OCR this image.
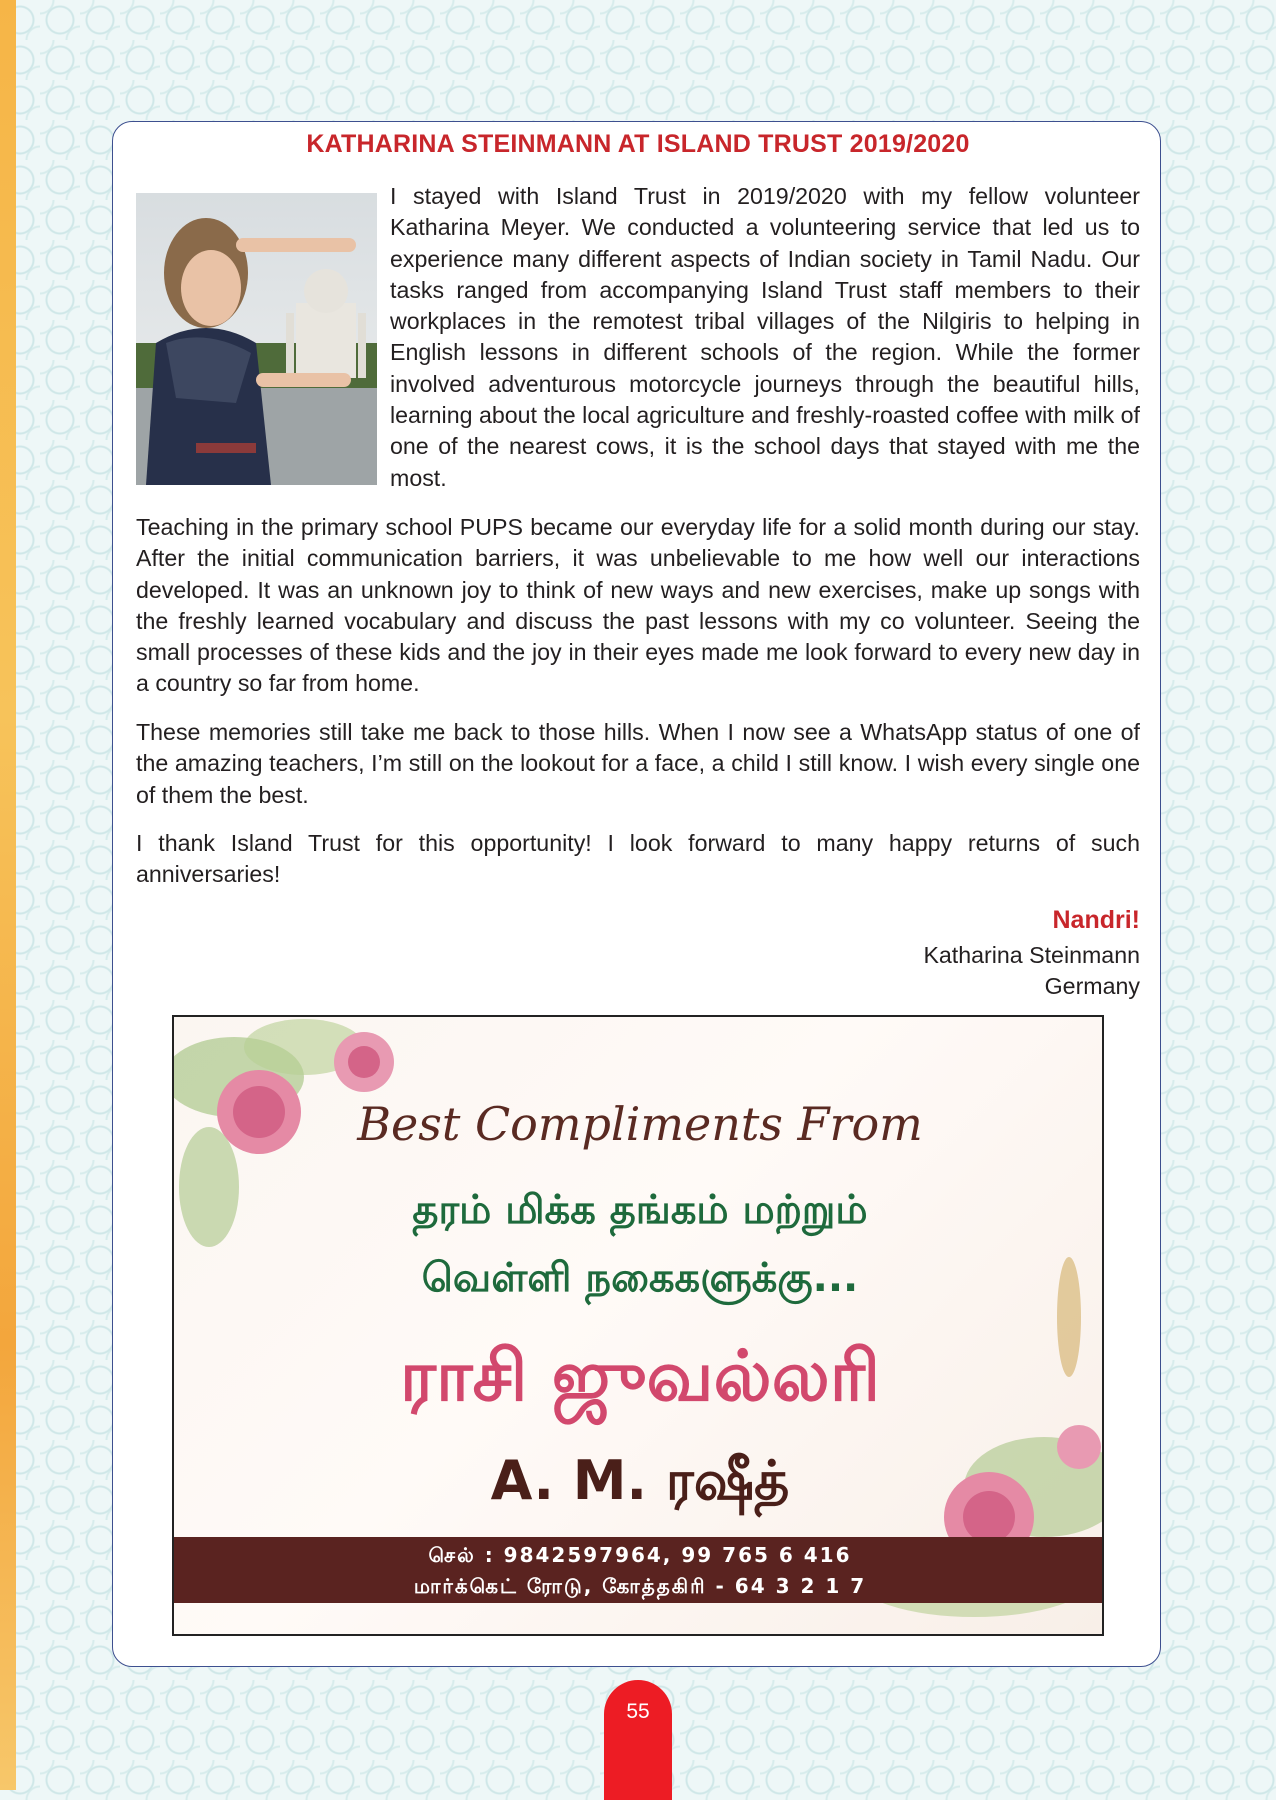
KATHARINA STEINMANN AT ISLAND TRUST 2019/2020
I stayed with Island Trust in 2019/2020 with my fellow volunteer Katharina Meyer. We conducted a volunteering service that led us to experience many different aspects of Indian society in Tamil Nadu. Our tasks ranged from accompanying Island Trust staff members to their workplaces in the remotest tribal villages of the Nilgiris to helping in English lessons in different schools of the region. While the former involved adventurous motorcycle journeys through the beautiful hills, learning about the local agriculture and freshly-roasted coffee with milk of one of the nearest cows, it is the school days that stayed with me the most.

Teaching in the primary school PUPS became our everyday life for a solid month during our stay. After the initial communication barriers, it was unbelievable to me how well our interactions developed. It was an unknown joy to think of new ways and new exercises, make up songs with the freshly learned vocabulary and discuss the past lessons with my co volunteer. Seeing the small processes of these kids and the joy in their eyes made me look forward to every new day in a country so far from home.

These memories still take me back to those hills. When I now see a WhatsApp status of one of the amazing teachers, I’m still on the lookout for a face, a child I still know. I wish every single one of them the best.

I thank Island Trust for this opportunity! I look forward to many happy returns of such anniversaries!

Nandri!
Katharina Steinmann
Germany
Best Compliments From
தரம் மிக்க தங்கம் மற்றும்
வெள்ளி நகைகளுக்கு...
ராசி ஜுவல்லரி
A. M. ரஷீத்
செல் : 9842597964, 99 765 6 416
மார்க்கெட் ரோடு, கோத்தகிரி - 64 3 2 1 7
55
